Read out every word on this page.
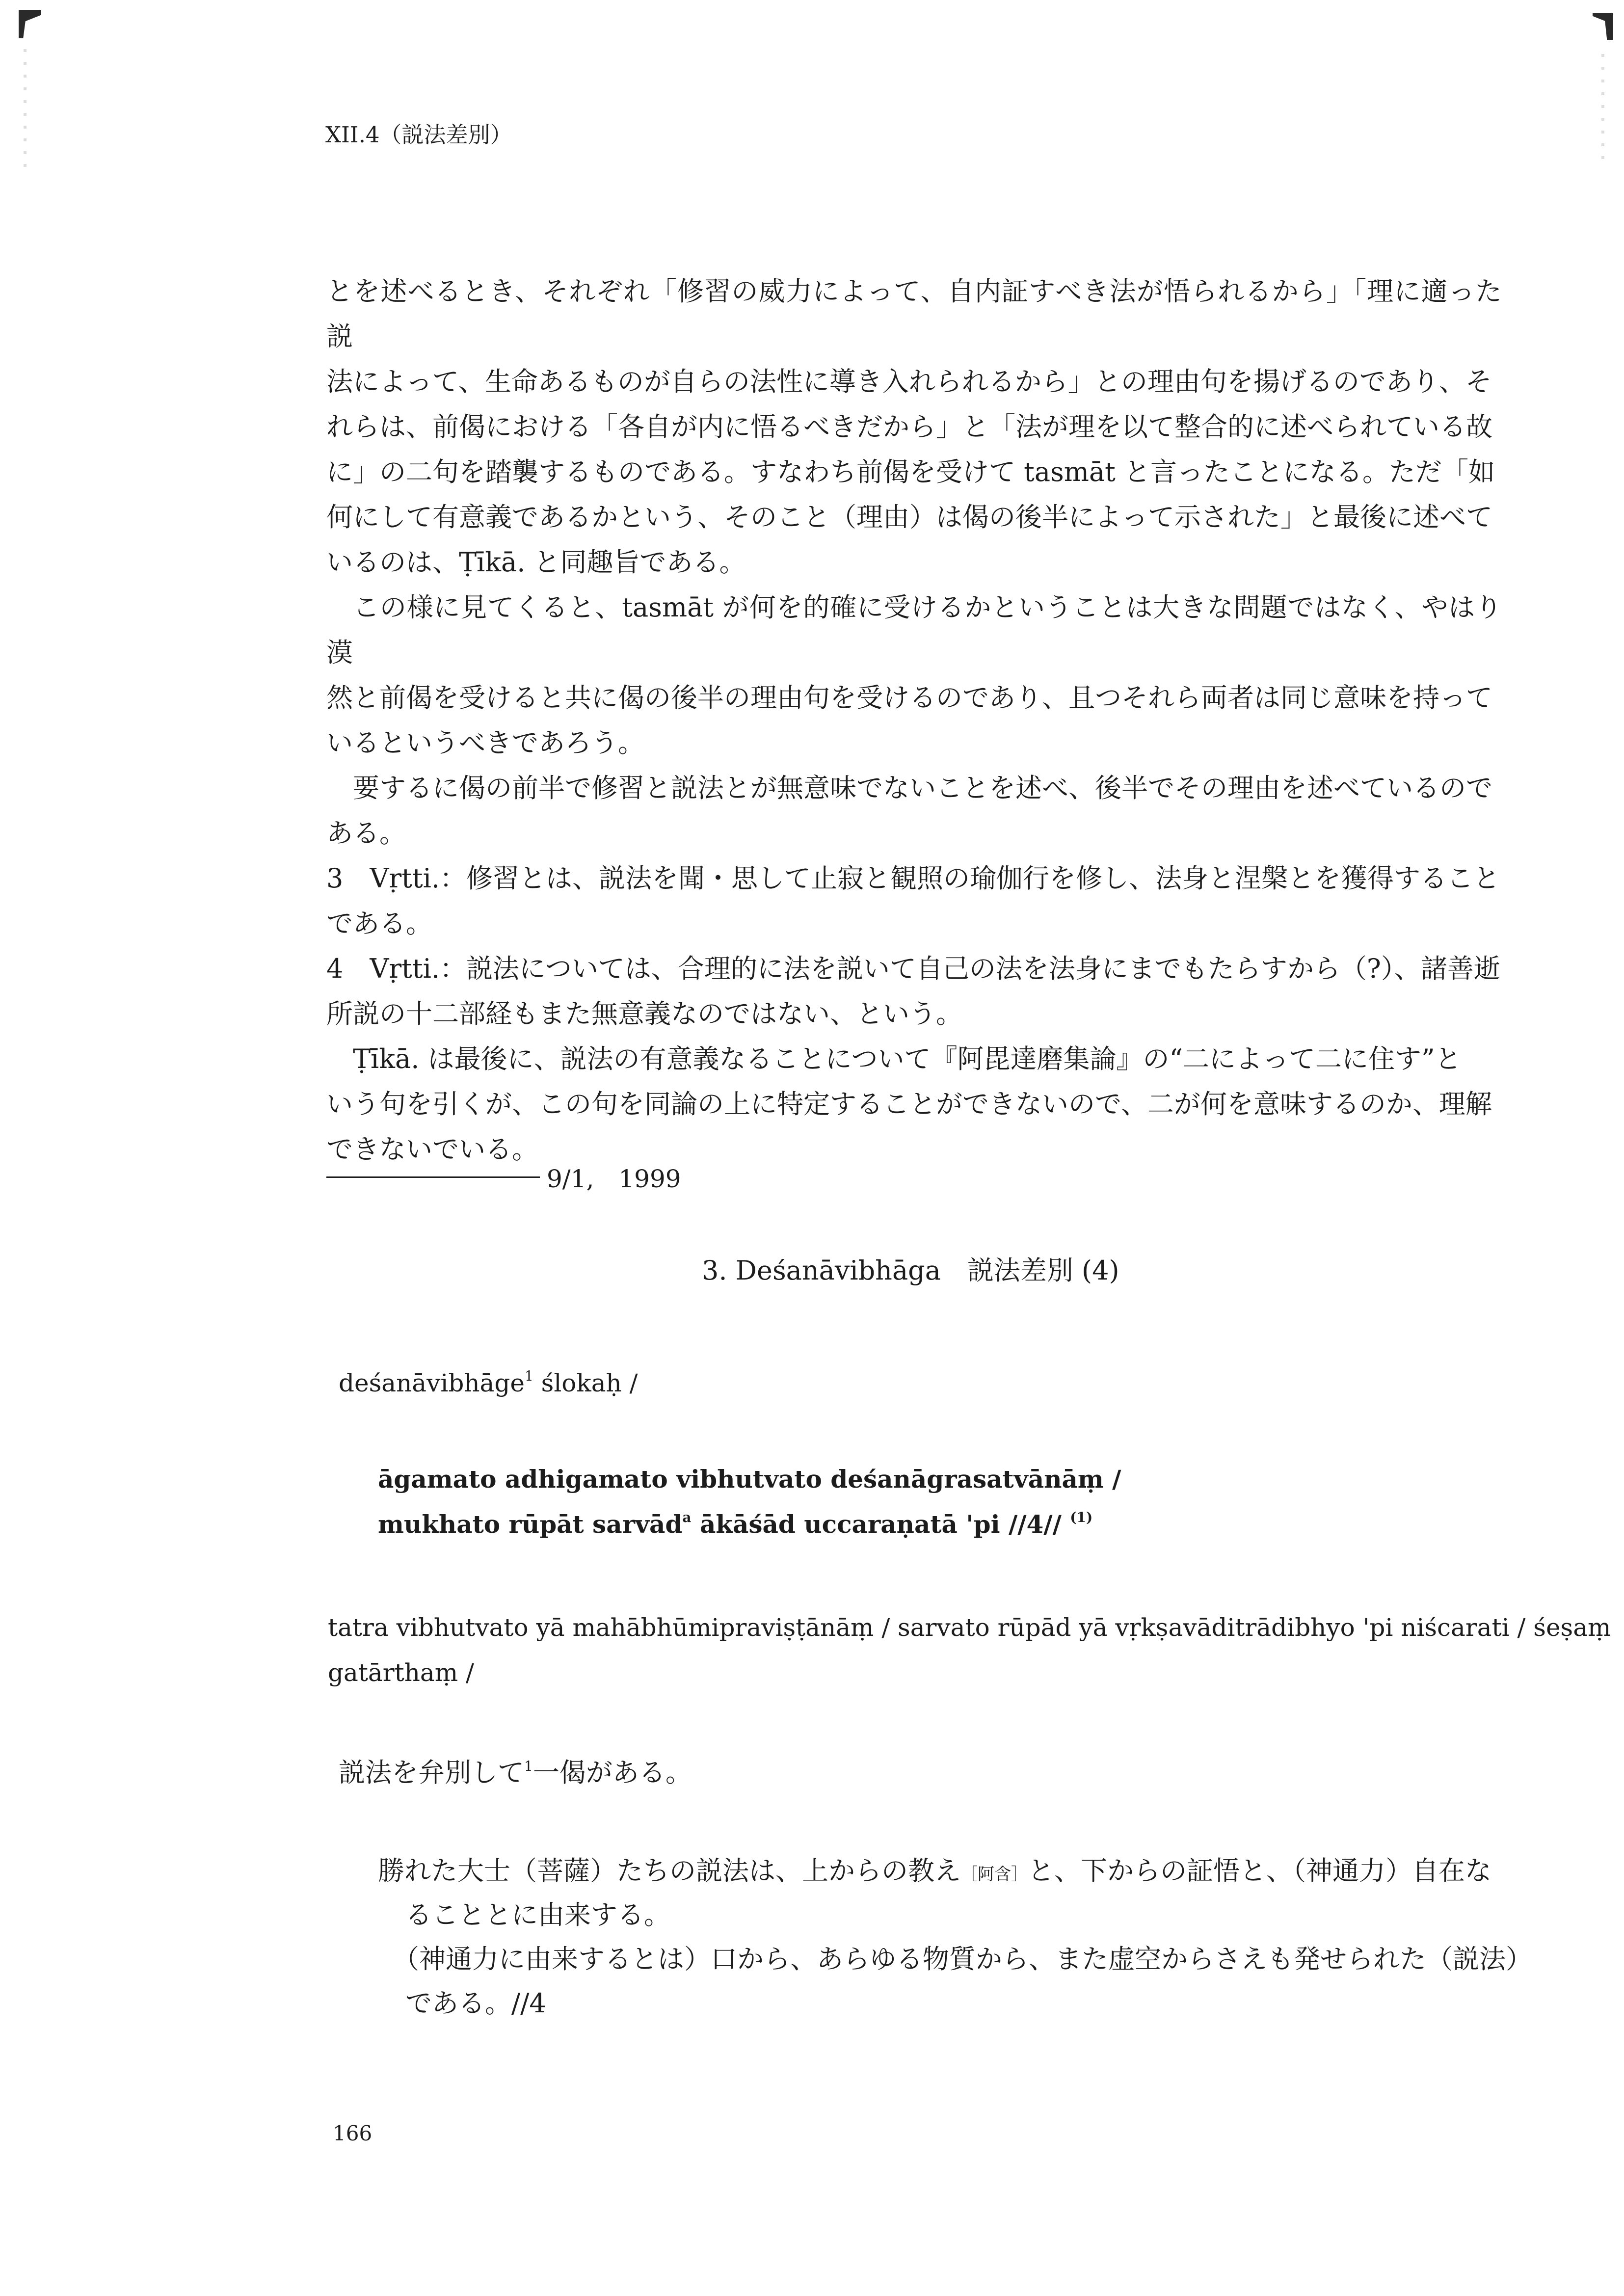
XII.4（説法差別）
とを述べるとき、それぞれ「修習の威力によって、自内証すべき法が悟られるから」「理に適った説
法によって、生命あるものが自らの法性に導き入れられるから」との理由句を揚げるのであり、そ
れらは、前偈における「各自が内に悟るべきだから」と「法が理を以て整合的に述べられている故
に」の二句を踏襲するものである。すなわち前偈を受けて tasmāt と言ったことになる。ただ「如
何にして有意義であるかという、そのこと（理由）は偈の後半によって示された」と最後に述べて
いるのは、Ṭīkā. と同趣旨である。
この様に見てくると、tasmāt が何を的確に受けるかということは大きな問題ではなく、やはり漠
然と前偈を受けると共に偈の後半の理由句を受けるのであり、且つそれら両者は同じ意味を持って
いるというべきであろう。
要するに偈の前半で修習と説法とが無意味でないことを述べ、後半でその理由を述べているので
ある。
3　Vṛtti.：修習とは、説法を聞・思して止寂と観照の瑜伽行を修し、法身と涅槃とを獲得すること
である。
4　Vṛtti.：説法については、合理的に法を説いて自己の法を法身にまでもたらすから（?）、諸善逝
所説の十二部経もまた無意義なのではない、という。
Ṭīkā. は最後に、説法の有意義なることについて『阿毘達磨集論』の“二によって二に住す”と
いう句を引くが、この句を同論の上に特定することができないので、二が何を意味するのか、理解
できないでいる。
9/1,　1999
3. Deśanāvibhāga　説法差別 (4)
deśanāvibhāge$^1$ ślokaḥ /
āgamato adhigamato vibhutvato deśanāgrasatvānāṃ /
mukhato rūpāt sarvād$^a$ ākāśād uccaraṇatā 'pi //4// $^{(1)}$
tatra vibhutvato yā mahābhūmipraviṣṭānāṃ / sarvato rūpād yā vṛkṣavāditrādibhyo 'pi niścarati / śeṣaṃ
gatārthaṃ /
説法を弁別して$^1$一偈がある。
勝れた大士（菩薩）たちの説法は、上からの教え［阿含］と、下からの証悟と、（神通力）自在な
ることとに由来する。
（神通力に由来するとは）口から、あらゆる物質から、また虚空からさえも発せられた（説法）
である。//4
166
